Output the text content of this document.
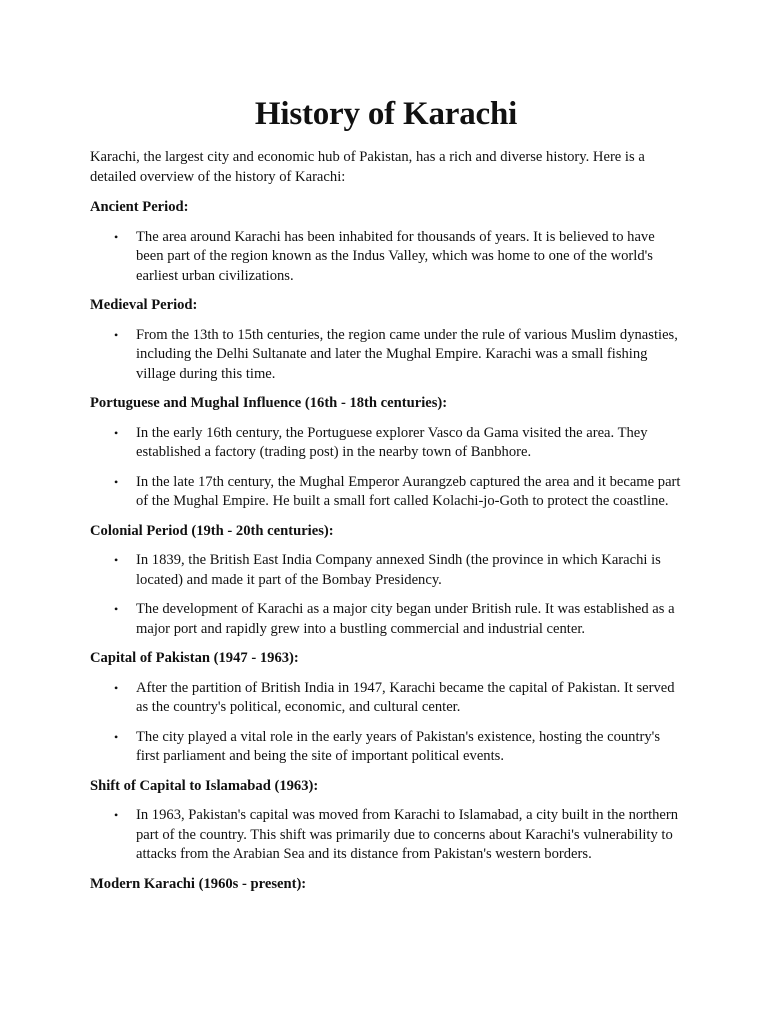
History of Karachi

Karachi, the largest city and economic hub of Pakistan, has a rich and diverse history. Here is a detailed overview of the history of Karachi:

Ancient Period:
• The area around Karachi has been inhabited for thousands of years. It is believed to have been part of the region known as the Indus Valley, which was home to one of the world's earliest urban civilizations.
Medieval Period:
• From the 13th to 15th centuries, the region came under the rule of various Muslim dynasties, including the Delhi Sultanate and later the Mughal Empire. Karachi was a small fishing village during this time.
Portuguese and Mughal Influence (16th - 18th centuries):
• In the early 16th century, the Portuguese explorer Vasco da Gama visited the area. They established a factory (trading post) in the nearby town of Banbhore.
• In the late 17th century, the Mughal Emperor Aurangzeb captured the area and it became part of the Mughal Empire. He built a small fort called Kolachi-jo-Goth to protect the coastline.
Colonial Period (19th - 20th centuries):
• In 1839, the British East India Company annexed Sindh (the province in which Karachi is located) and made it part of the Bombay Presidency.
• The development of Karachi as a major city began under British rule. It was established as a major port and rapidly grew into a bustling commercial and industrial center.
Capital of Pakistan (1947 - 1963):
• After the partition of British India in 1947, Karachi became the capital of Pakistan. It served as the country's political, economic, and cultural center.
• The city played a vital role in the early years of Pakistan's existence, hosting the country's first parliament and being the site of important political events.
Shift of Capital to Islamabad (1963):
• In 1963, Pakistan's capital was moved from Karachi to Islamabad, a city built in the northern part of the country. This shift was primarily due to concerns about Karachi's vulnerability to attacks from the Arabian Sea and its distance from Pakistan's western borders.
Modern Karachi (1960s - present):
